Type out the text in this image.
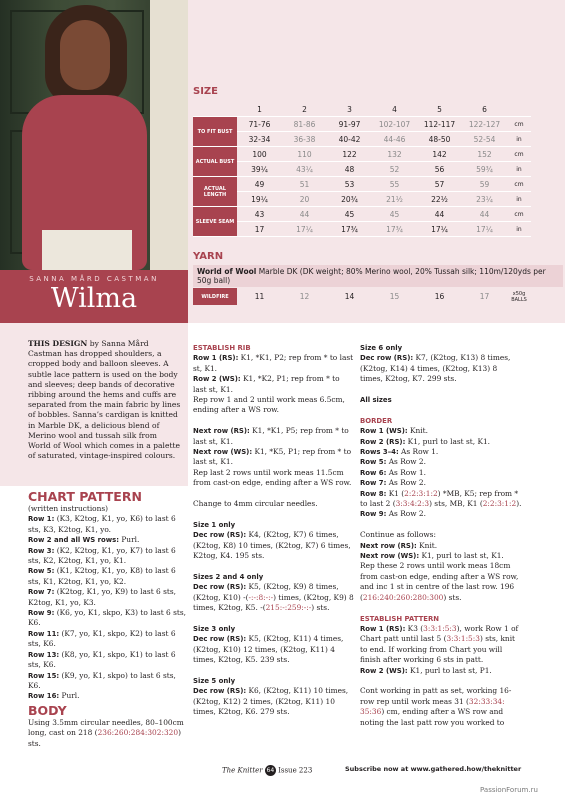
SANNA MÅRD CASTMAN
Wilma
SIZE
	1	2	3	4	5	6	
TO FIT BUST	71-76	81-86	91-97	102-107	112-117	122-127	cm
	32-34	36-38	40-42	44-46	48-50	52-54	in
ACTUAL BUST	100	110	122	132	142	152	cm
	39¼	43¼	48	52	56	59¾	in
ACTUAL LENGTH	49	51	53	55	57	59	cm
	19¼	20	20¾	21½	22½	23¼	in
SLEEVE SEAM	43	44	45	45	44	44	cm
	17	17¼	17¾	17¾	17¼	17¼	in
YARN
World of Wool Marble DK (DK weight; 80% Merino wool, 20% Tussah silk; 110m/120yds per 50g ball)
WILDFIRE	11	12	14	15	16	17	x50g BALLS

THIS DESIGN by Sanna Mård Castman has dropped shoulders, a cropped body and balloon sleeves. A subtle lace pattern is used on the body and sleeves; deep bands of decorative ribbing around the hems and cuffs are separated from the main fabric by lines of bobbles. Sanna’s cardigan is knitted in Marble DK, a delicious blend of Merino wool and tussah silk from World of Wool which comes in a palette of saturated, vintage-inspired colours.

CHART PATTERN

(written instructions)

Row 1: (K3, K2tog, K1, yo, K6) to last 6 sts, K3, K2tog, K1, yo.

Row 2 and all WS rows: Purl.

Row 3: (K2, K2tog, K1, yo, K7) to last 6 sts, K2, K2tog, K1, yo, K1.

Row 5: (K1, K2tog, K1, yo, K8) to last 6 sts, K1, K2tog, K1, yo, K2.

Row 7: (K2tog, K1, yo, K9) to last 6 sts, K2tog, K1, yo, K3.

Row 9: (K6, yo, K1, skpo, K3) to last 6 sts, K6.

Row 11: (K7, yo, K1, skpo, K2) to last 6 sts, K6.

Row 13: (K8, yo, K1, skpo, K1) to last 6 sts, K6.

Row 15: (K9, yo, K1, skpo) to last 6 sts, K6.

Row 16: Purl.

BODY

Using 3.5mm circular needles, 80–100cm long, cast on 218 (236:260:284:302:320) sts.

ESTABLISH RIB

Row 1 (RS): K1, *K1, P2; rep from * to last st, K1.

Row 2 (WS): K1, *K2, P1; rep from * to last st, K1.

Rep row 1 and 2 until work meas 6.5cm, ending after a WS row.

Next row (RS): K1, *K1, P5; rep from * to last st, K1.

Next row (WS): K1, *K5, P1; rep from * to last st, K1.

Rep last 2 rows until work meas 11.5cm from cast-on edge, ending after a WS row.

Change to 4mm circular needles.

Size 1 only

Dec row (RS): K4, (K2tog, K7) 6 times, (K2tog, K8) 10 times, (K2tog, K7) 6 times, K2tog, K4. 195 sts.

Sizes 2 and 4 only

Dec row (RS): K5, (K2tog, K9) 8 times, (K2tog, K10) -(-:-:8:-:-) times, (K2tog, K9) 8 times, K2tog, K5. -(215:-:259:-:-) sts.

Size 3 only

Dec row (RS): K5, (K2tog, K11) 4 times, (K2tog, K10) 12 times, (K2tog, K11) 4 times, K2tog, K5. 239 sts.

Size 5 only

Dec row (RS): K6, (K2tog, K11) 10 times, (K2tog, K12) 2 times, (K2tog, K11) 10 times, K2tog, K6. 279 sts.

Size 6 only

Dec row (RS): K7, (K2tog, K13) 8 times, (K2tog, K14) 4 times, (K2tog, K13) 8 times, K2tog, K7. 299 sts.

All sizes
BORDER

Row 1 (WS): Knit.

Row 2 (RS): K1, purl to last st, K1.

Rows 3–4: As Row 1.

Row 5: As Row 2.

Row 6: As Row 1.

Row 7: As Row 2.

Row 8: K1 (2:2:3:1:2) *MB, K5; rep from * to last 2 (3:3:4:2:3) sts, MB, K1 (2:2:3:1:2).

Row 9: As Row 2.

Continue as follows:

Next row (RS): Knit.

Next row (WS): K1, purl to last st, K1.

Rep these 2 rows until work meas 18cm from cast-on edge, ending after a WS row, and inc 1 st in centre of the last row. 196 (216:240:260:280:300) sts.

ESTABLISH PATTERN

Row 1 (RS): K3 (3:3:1:5:3), work Row 1 of Chart patt until last 5 (3:3:1:5:3) sts, knit to end. If working from Chart you will finish after working 6 sts in patt.

Row 2 (WS): K1, purl to last st, P1.

Cont working in patt as set, working 16-row rep until work meas 31 (32:33:34: 35:36) cm, ending after a WS row and noting the last patt row you worked to

The Knitter 64 Issue 223	Subscribe now at www.gathered.how/theknitter
PassionForum.ru
